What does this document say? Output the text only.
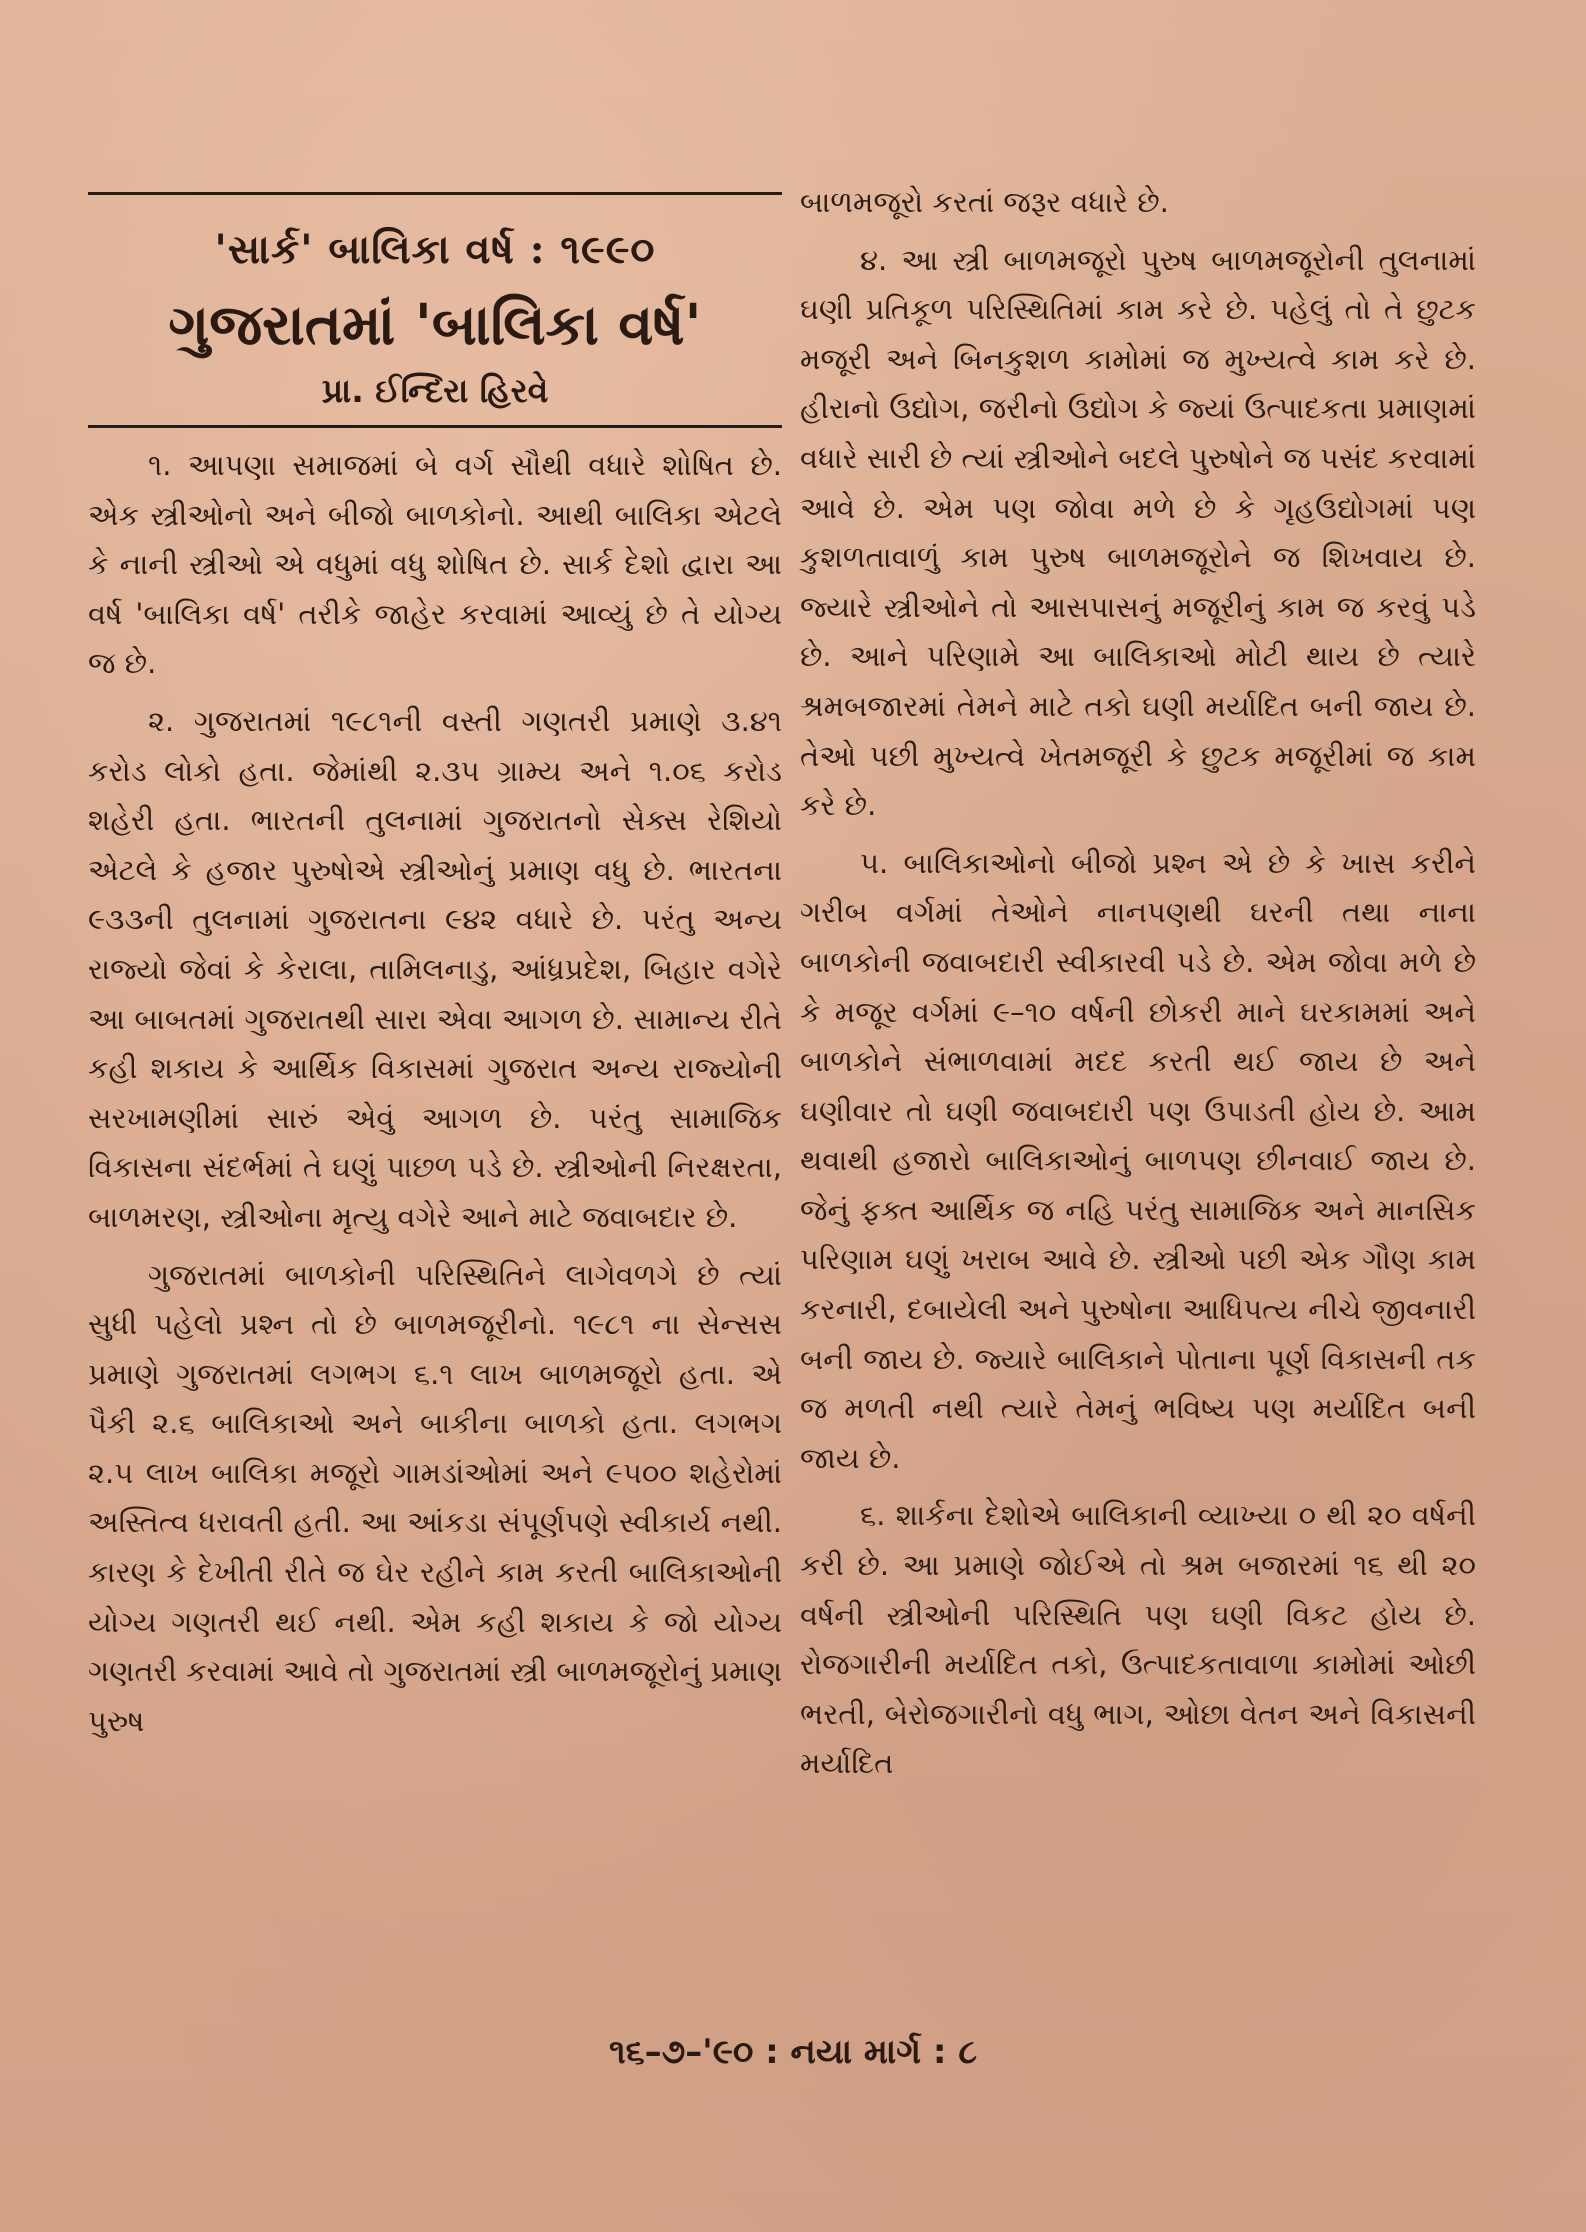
'સાર્ક' બાલિકા વર્ષ : ૧૯૯૦
ગુજરાતમાં 'બાલિકા વર્ષ'
પ્રા. ઈન્દિરા હિરવે

૧. આપણા સમાજમાં બે વર્ગ સૌથી વધારે શોષિત છે. એક સ્ત્રીઓનો અને બીજો બાળકોનો. આથી બાલિકા એટલે કે નાની સ્ત્રીઓ એ વધુમાં વધુ શોષિત છે. સાર્ક દેશો દ્વારા આ વર્ષ 'બાલિકા વર્ષ' તરીકે જાહેર કરવામાં આવ્યું છે તે યોગ્ય જ છે.

૨. ગુજરાતમાં ૧૯૮૧ની વસ્તી ગણતરી પ્રમાણે ૩.૪૧ કરોડ લોકો હતા. જેમાંથી ૨.૩૫ ગ્રામ્ય અને ૧.૦૬ કરોડ શહેરી હતા. ભારતની તુલનામાં ગુજરાતનો સેક્સ રેશિયો એટલે કે હજાર પુરુષોએ સ્ત્રીઓનું પ્રમાણ વધુ છે. ભારતના ૯૩૩ની તુલનામાં ગુજરાતના ૯૪૨ વધારે છે. પરંતુ અન્ય રાજ્યો જેવાં કે કેરાલા, તામિલનાડુ, આંધ્રપ્રદેશ, બિહાર વગેરે આ બાબતમાં ગુજરાતથી સારા એવા આગળ છે. સામાન્ય રીતે કહી શકાય કે આર્થિક વિકાસમાં ગુજરાત અન્ય રાજ્યોની સરખામણીમાં સારું એવું આગળ છે. પરંતુ સામાજિક વિકાસના સંદર્ભમાં તે ઘણું પાછળ પડે છે. સ્ત્રીઓની નિરક્ષરતા, બાળમરણ, સ્ત્રીઓના મૃત્યુ વગેરે આને માટે જવાબદાર છે.

ગુજરાતમાં બાળકોની પરિસ્થિતિને લાગેવળગે છે ત્યાં સુધી પહેલો પ્રશ્ન તો છે બાળમજૂરીનો. ૧૯૮૧ ના સેન્સસ પ્રમાણે ગુજરાતમાં લગભગ ૬.૧ લાખ બાળમજૂરો હતા. એ પૈકી ૨.૬ બાલિકાઓ અને બાકીના બાળકો હતા. લગભગ ૨.૫ લાખ બાલિકા મજૂરો ગામડાંઓમાં અને ૯૫૦૦ શહેરોમાં અસ્તિત્વ ધરાવતી હતી. આ આંકડા સંપૂર્ણપણે સ્વીકાર્ય નથી. કારણ કે દેખીતી રીતે જ ઘેર રહીને કામ કરતી બાલિકાઓની યોગ્ય ગણતરી થઈ નથી. એમ કહી શકાય કે જો યોગ્ય ગણતરી કરવામાં આવે તો ગુજરાતમાં સ્ત્રી બાળમજૂરોનું પ્રમાણ પુરુષ

બાળમજૂરો કરતાં જરૂર વધારે છે.

૪. આ સ્ત્રી બાળમજૂરો પુરુષ બાળમજૂરોની તુલનામાં ઘણી પ્રતિકૂળ પરિસ્થિતિમાં કામ કરે છે. પહેલું તો તે છુટક મજૂરી અને બિનકુશળ કામોમાં જ મુખ્યત્વે કામ કરે છે. હીરાનો ઉદ્યોગ, જરીનો ઉદ્યોગ કે જ્યાં ઉત્પાદકતા પ્રમાણમાં વધારે સારી છે ત્યાં સ્ત્રીઓને બદલે પુરુષોને જ પસંદ કરવામાં આવે છે. એમ પણ જોવા મળે છે કે ગૃહઉદ્યોગમાં પણ કુશળતાવાળું કામ પુરુષ બાળમજૂરોને જ શિખવાય છે. જ્યારે સ્ત્રીઓને તો આસપાસનું મજૂરીનું કામ જ કરવું પડે છે. આને પરિણામે આ બાલિકાઓ મોટી થાય છે ત્યારે શ્રમબજારમાં તેમને માટે તકો ઘણી મર્યાદિત બની જાય છે. તેઓ પછી મુખ્યત્વે ખેતમજૂરી કે છુટક મજૂરીમાં જ કામ કરે છે.

૫. બાલિકાઓનો બીજો પ્રશ્ન એ છે કે ખાસ કરીને ગરીબ વર્ગમાં તેઓને નાનપણથી ઘરની તથા નાના બાળકોની જવાબદારી સ્વીકારવી પડે છે. એમ જોવા મળે છે કે મજૂર વર્ગમાં ૯–૧૦ વર્ષની છોકરી માને ઘરકામમાં અને બાળકોને સંભાળવામાં મદદ કરતી થઈ જાય છે અને ઘણીવાર તો ઘણી જવાબદારી પણ ઉપાડતી હોય છે. આમ થવાથી હજારો બાલિકાઓનું બાળપણ છીનવાઈ જાય છે. જેનું ફક્ત આર્થિક જ નહિ પરંતુ સામાજિક અને માનસિક પરિણામ ઘણું ખરાબ આવે છે. સ્ત્રીઓ પછી એક ગૌણ કામ કરનારી, દબાયેલી અને પુરુષોના આધિપત્ય નીચે જીવનારી બની જાય છે. જ્યારે બાલિકાને પોતાના પૂર્ણ વિકાસની તક જ મળતી નથી ત્યારે તેમનું ભવિષ્ય પણ મર્યાદિત બની જાય છે.

૬. શાર્કના દેશોએ બાલિકાની વ્યાખ્યા ૦ થી ૨૦ વર્ષની કરી છે. આ પ્રમાણે જોઈએ તો શ્રમ બજારમાં ૧૬ થી ૨૦ વર્ષની સ્ત્રીઓની પરિસ્થિતિ પણ ઘણી વિકટ હોય છે. રોજગારીની મર્યાદિત તકો, ઉત્પાદકતાવાળા કામોમાં ઓછી ભરતી, બેરોજગારીનો વધુ ભાગ, ઓછા વેતન અને વિકાસની મર્યાદિત

૧૬–૭–'૯૦ : નયા માર્ગ : ૮
